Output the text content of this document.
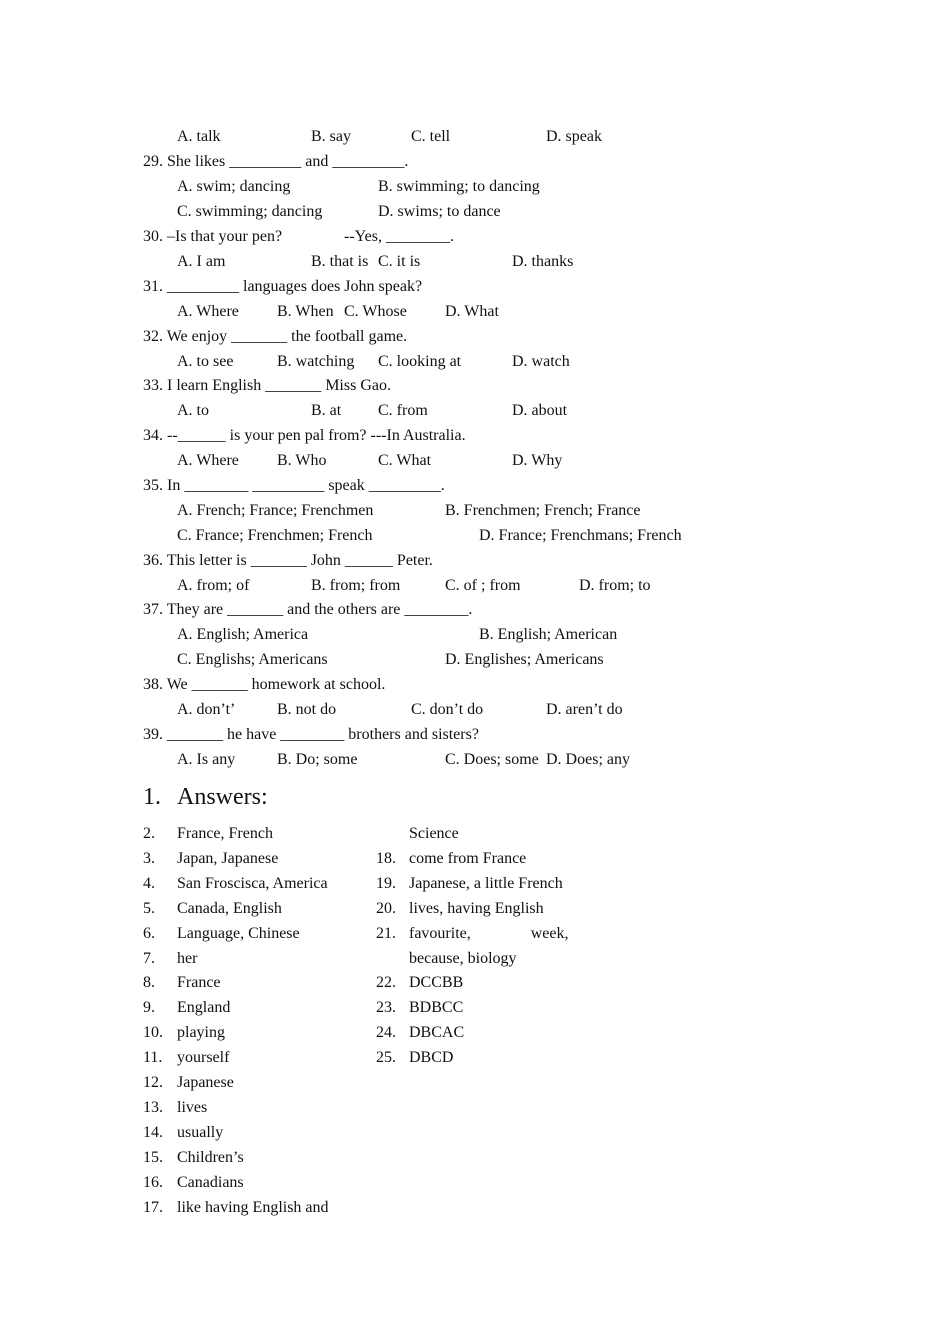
A. talk	B. say	C. tell	D. speak
29. She likes _________ and _________.
A. swim; dancing	B. swimming; to dancing
C. swimming; dancing	D. swims; to dance
30. –Is that your pen?	--Yes, ________.
A. I am	B. that is C. it is	D. thanks
31. _________ languages does John speak?
A. Where B. When C. Whose D. What
32. We enjoy _______ the football game.
A. to see	B. watching C. looking at	D. watch
33. I learn English _______ Miss Gao.
A. to	B. at C. from	D. about
34. --______ is your pen pal from? ---In Australia.
A. Where B. Who	C. What	D. Why
35. In ________ _________ speak _________.
A. French; France; Frenchmen	B. Frenchmen; French; France
C. France; Frenchmen; French	D. France; Frenchmans; French
36. This letter is _______ John ______ Peter.
A. from; of	B. from; from	C. of ; from	D. from; to
37. They are _______ and the others are ________.
A. English; America	B. English; American
C. Englishs; Americans	D. Englishes; Americans
38. We _______ homework at school.
A. don’t’	B. not do	C. don’t do	D. aren’t do
39. _______ he have ________ brothers and sisters?
A. Is any	B. Do; some	C. Does; some D. Does; any
1. Answers:
2. France, French
3. Japan, Japanese
4. San Froscisca, America
5. Canada, English
6. Language, Chinese
7. her
8. France
9. England
10. playing
11. yourself
12. Japanese
13. lives
14. usually
15. Children’s
16. Canadians
17. like having English and
Science
18. come from France
19. Japanese, a little French
20. lives, having English
21. favourite,               week,
because, biology
22. DCCBB
23. BDBCC
24. DBCAC
25. DBCD
